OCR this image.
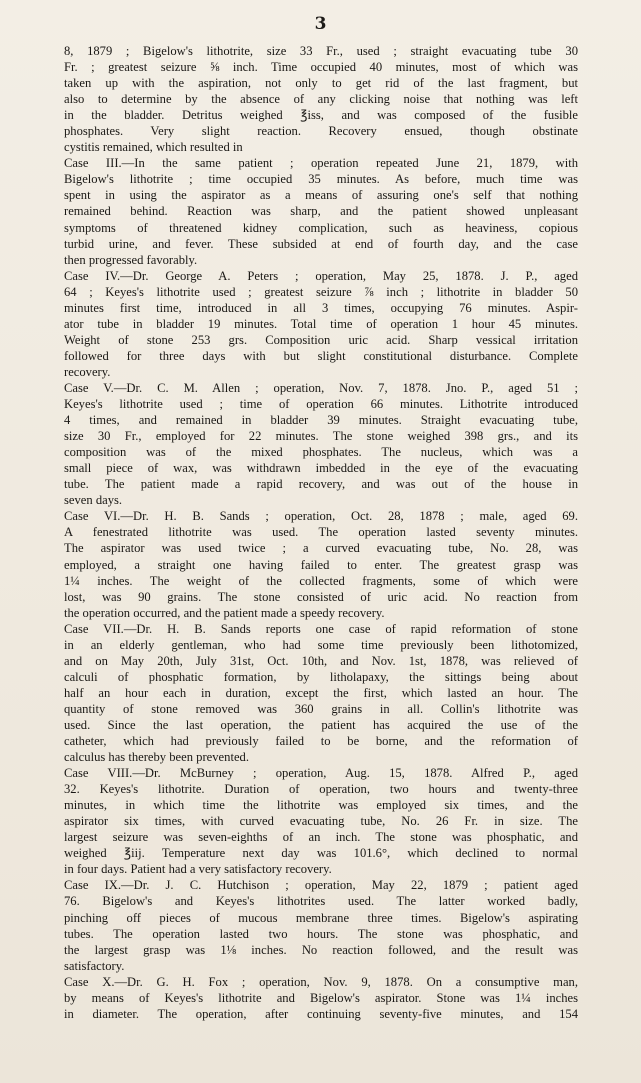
3

8, 1879 ; Bigelow's lithotrite, size 33 Fr., used ; straight evacuating tube 30

Fr. ; greatest seizure ⅝ inch. Time occupied 40 minutes, most of which was

taken up with the aspiration, not only to get rid of the last fragment, but

also to determine by the absence of any clicking noise that nothing was left

in the bladder. Detritus weighed ℥iss, and was composed of the fusible

phosphates. Very slight reaction. Recovery ensued, though obstinate

cystitis remained, which resulted in

Case III.—In the same patient ; operation repeated June 21, 1879, with

Bigelow's lithotrite ; time occupied 35 minutes. As before, much time was

spent in using the aspirator as a means of assuring one's self that nothing

remained behind. Reaction was sharp, and the patient showed unpleasant

symptoms of threatened kidney complication, such as heaviness, copious

turbid urine, and fever. These subsided at end of fourth day, and the case

then progressed favorably.

Case IV.—Dr. George A. Peters ; operation, May 25, 1878. J. P., aged

64 ; Keyes's lithotrite used ; greatest seizure ⅞ inch ; lithotrite in bladder 50

minutes first time, introduced in all 3 times, occupying 76 minutes. Aspir-

ator tube in bladder 19 minutes. Total time of operation 1 hour 45 minutes.

Weight of stone 253 grs. Composition uric acid. Sharp vessical irritation

followed for three days with but slight constitutional disturbance. Complete

recovery.

Case V.—Dr. C. M. Allen ; operation, Nov. 7, 1878. Jno. P., aged 51 ;

Keyes's lithotrite used ; time of operation 66 minutes. Lithotrite introduced

4 times, and remained in bladder 39 minutes. Straight evacuating tube,

size 30 Fr., employed for 22 minutes. The stone weighed 398 grs., and its

composition was of the mixed phosphates. The nucleus, which was a

small piece of wax, was withdrawn imbedded in the eye of the evacuating

tube. The patient made a rapid recovery, and was out of the house in

seven days.

Case VI.—Dr. H. B. Sands ; operation, Oct. 28, 1878 ; male, aged 69.

A fenestrated lithotrite was used. The operation lasted seventy minutes.

The aspirator was used twice ; a curved evacuating tube, No. 28, was

employed, a straight one having failed to enter. The greatest grasp was

1¼ inches. The weight of the collected fragments, some of which were

lost, was 90 grains. The stone consisted of uric acid. No reaction from

the operation occurred, and the patient made a speedy recovery.

Case VII.—Dr. H. B. Sands reports one case of rapid reformation of stone

in an elderly gentleman, who had some time previously been lithotomized,

and on May 20th, July 31st, Oct. 10th, and Nov. 1st, 1878, was relieved of

calculi of phosphatic formation, by litholapaxy, the sittings being about

half an hour each in duration, except the first, which lasted an hour. The

quantity of stone removed was 360 grains in all. Collin's lithotrite was

used. Since the last operation, the patient has acquired the use of the

catheter, which had previously failed to be borne, and the reformation of

calculus has thereby been prevented.

Case VIII.—Dr. McBurney ; operation, Aug. 15, 1878. Alfred P., aged

32. Keyes's lithotrite. Duration of operation, two hours and twenty-three

minutes, in which time the lithotrite was employed six times, and the

aspirator six times, with curved evacuating tube, No. 26 Fr. in size. The

largest seizure was seven-eighths of an inch. The stone was phosphatic, and

weighed ℥iij. Temperature next day was 101.6°, which declined to normal

in four days. Patient had a very satisfactory recovery.

Case IX.—Dr. J. C. Hutchison ; operation, May 22, 1879 ; patient aged

76. Bigelow's and Keyes's lithotrites used. The latter worked badly,

pinching off pieces of mucous membrane three times. Bigelow's aspirating

tubes. The operation lasted two hours. The stone was phosphatic, and

the largest grasp was 1⅛ inches. No reaction followed, and the result was

satisfactory.

Case X.—Dr. G. H. Fox ; operation, Nov. 9, 1878. On a consumptive man,

by means of Keyes's lithotrite and Bigelow's aspirator. Stone was 1¼ inches

in diameter. The operation, after continuing seventy-five minutes, and 154
